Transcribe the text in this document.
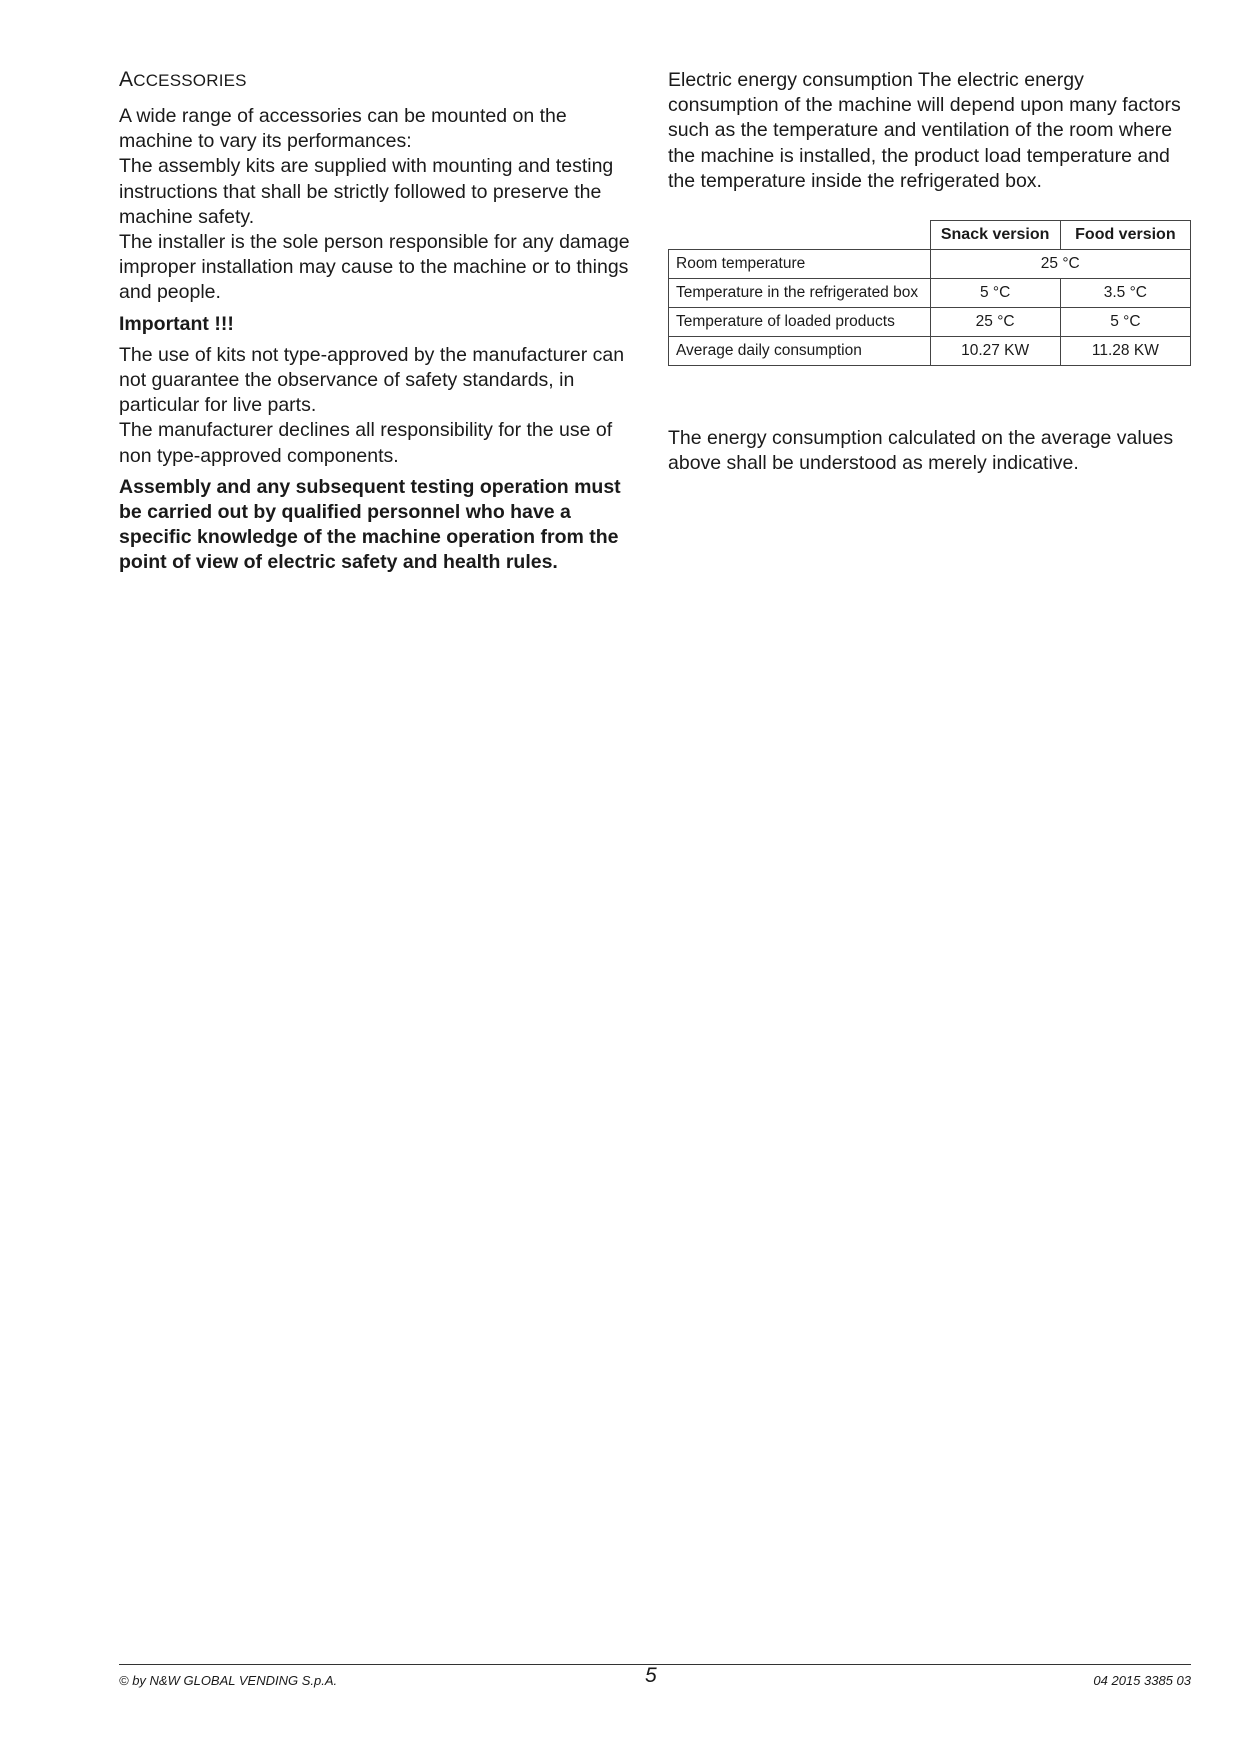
ACCESSORIES

A wide range of accessories can be mounted on the machine to vary its performances:

The assembly kits are supplied with mounting and testing instructions that shall be strictly followed to preserve the machine safety.

The installer is the sole person responsible for any damage improper installation may cause to the machine or to things and people.

Important !!!

The use of kits not type-approved by the manufacturer can not guarantee the observance of safety standards, in particular for live parts.

The manufacturer declines all responsibility for the use of non type-approved components.

Assembly and any subsequent testing operation must be carried out by qualified personnel who have a specific knowledge of the machine operation from the point of view of electric safety and health rules.

Electric energy consumption The electric energy consumption of the machine will depend upon many factors such as the temperature and ventilation of the room where the machine is installed, the product load temperature and the temperature inside the refrigerated box.

	Snack version	Food version
Room temperature	25 °C	
Temperature in the refrigerated box	5 °C	3.5 °C
Temperature of loaded products	25 °C	5 °C
Average daily consumption	10.27 KW	11.28 KW

The energy consumption calculated on the average values above shall be understood as merely indicative.

© by N&W GLOBAL VENDING S.p.A.	5	04 2015 3385 03
